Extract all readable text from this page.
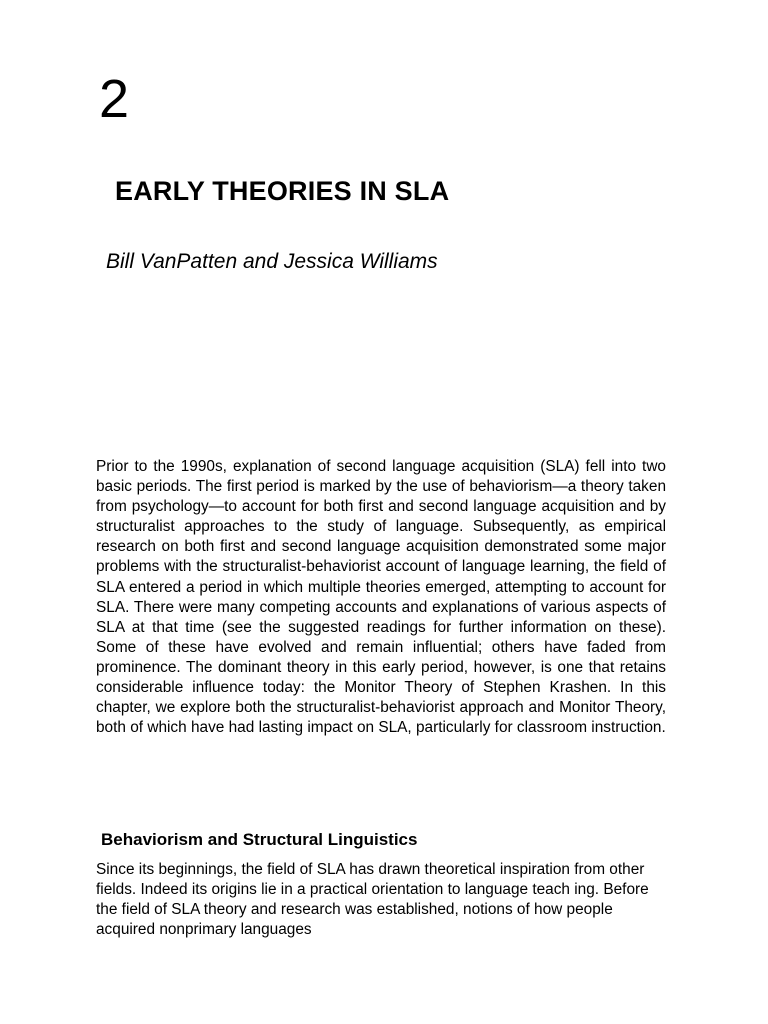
2
EARLY THEORIES IN SLA
Bill VanPatten and Jessica Williams

Prior to the 1990s, explanation of second language acquisition (SLA) fell into two basic periods. The first period is marked by the use of behaviorism—a theory taken from psychology—to account for both first and second language acquisition and by structuralist approaches to the study of language. Subsequently, as empirical research on both first and second language acquisition demonstrated some major problems with the structuralist-behaviorist account of language learning, the field of SLA entered a period in which multiple theories emerged, attempting to account for SLA. There were many competing accounts and explanations of various aspects of SLA at that time (see the suggested readings for further information on these). Some of these have evolved and remain influential; others have faded from prominence. The dominant theory in this early period, however, is one that retains considerable influence today: the Monitor Theory of Stephen Krashen. In this chapter, we explore both the structuralist-behaviorist approach and Monitor Theory, both of which have had lasting impact on SLA, particularly for classroom instruction.

Behaviorism and Structural Linguistics

Since its beginnings, the field of SLA has drawn theoretical inspiration from other fields. Indeed its origins lie in a practical orientation to language teach ing. Before the field of SLA theory and research was established, notions of how people acquired nonprimary languages
